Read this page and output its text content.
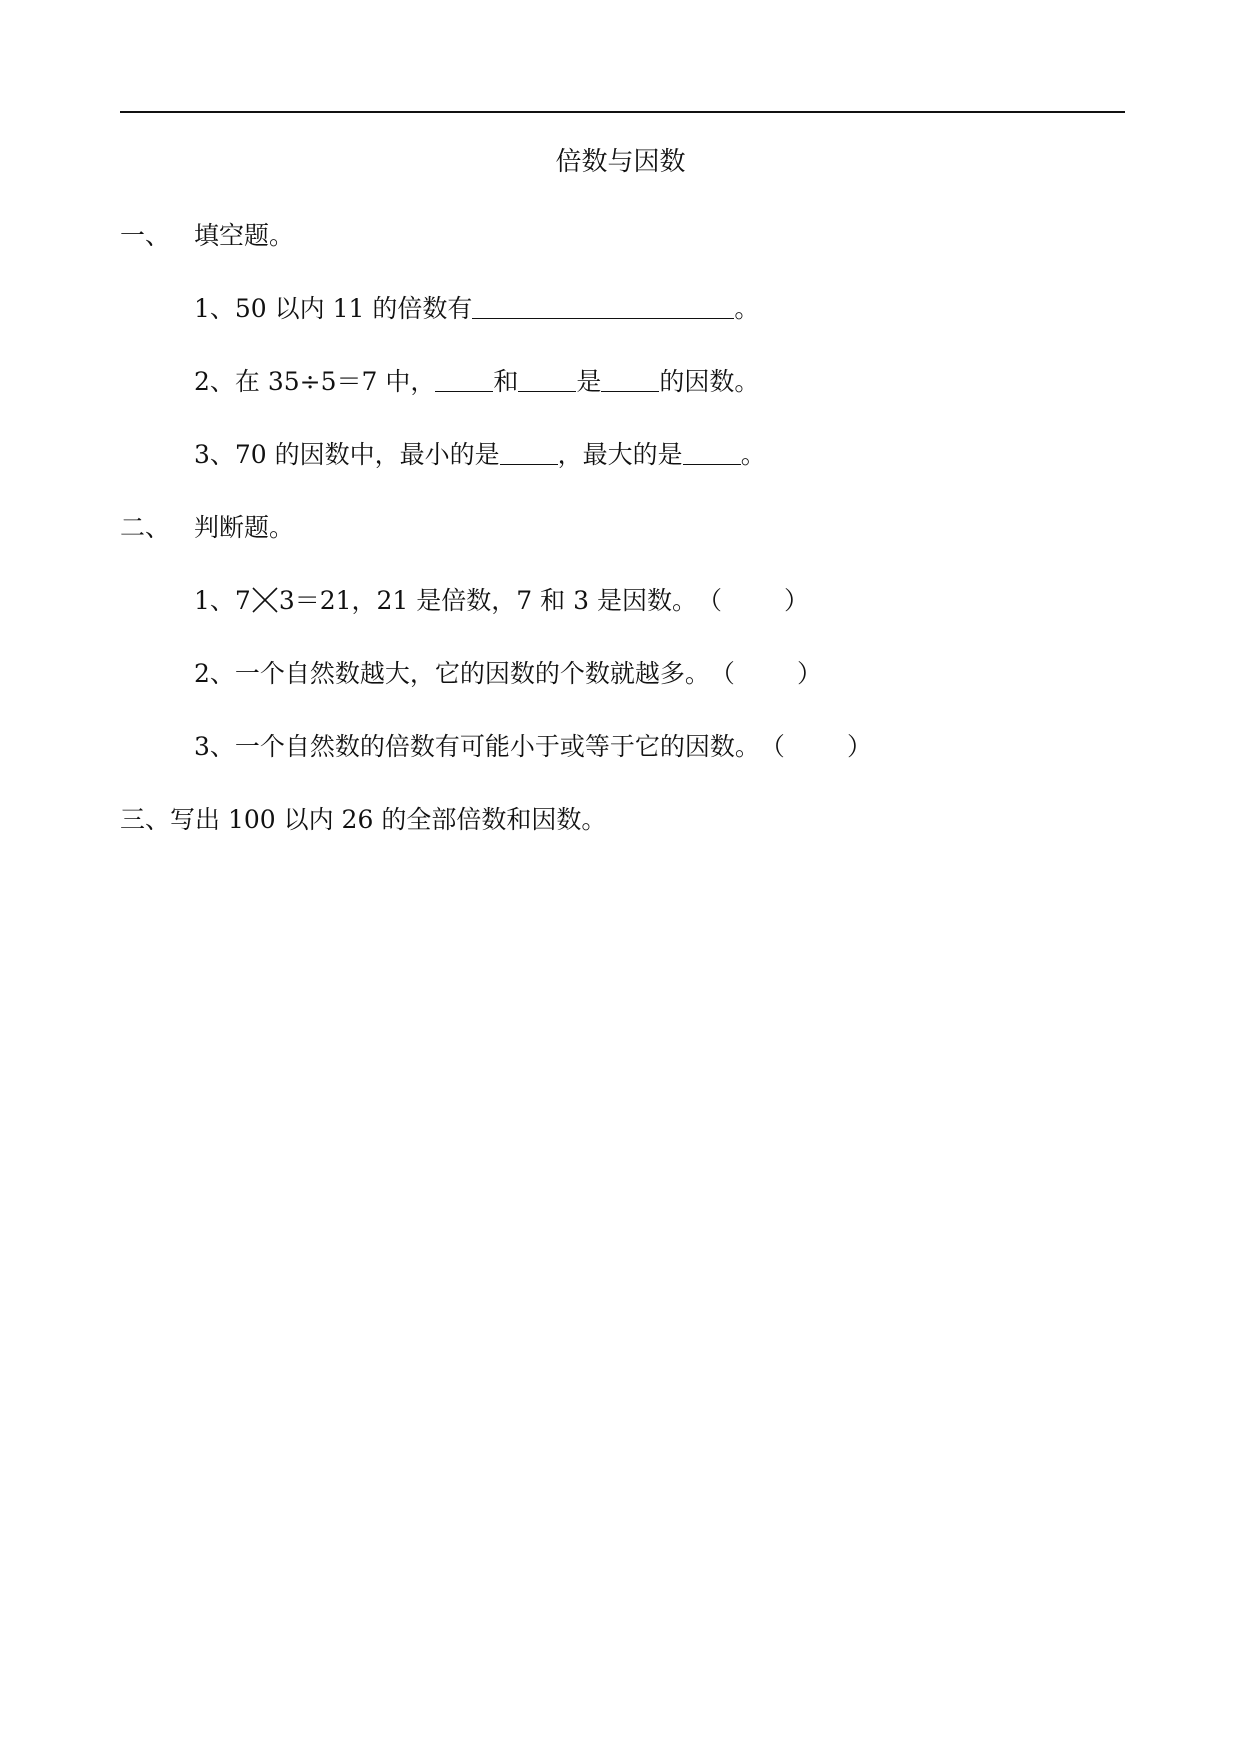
倍数与因数
一、 填空题。
1、50 以内 11 的倍数有	。
2、在 35÷5＝7 中， 和 是 的因数。
3、70 的因数中，最小的是 ，最大的是 。
二、 判断题。
1、7 3＝21，21 是倍数，7 和 3 是因数。（ ）
2、一个自然数越大，它的因数的个数就越多。（ ）
3、一个自然数的倍数有可能小于或等于它的因数。（ ）
三、写出 100 以内 26 的全部倍数和因数。
